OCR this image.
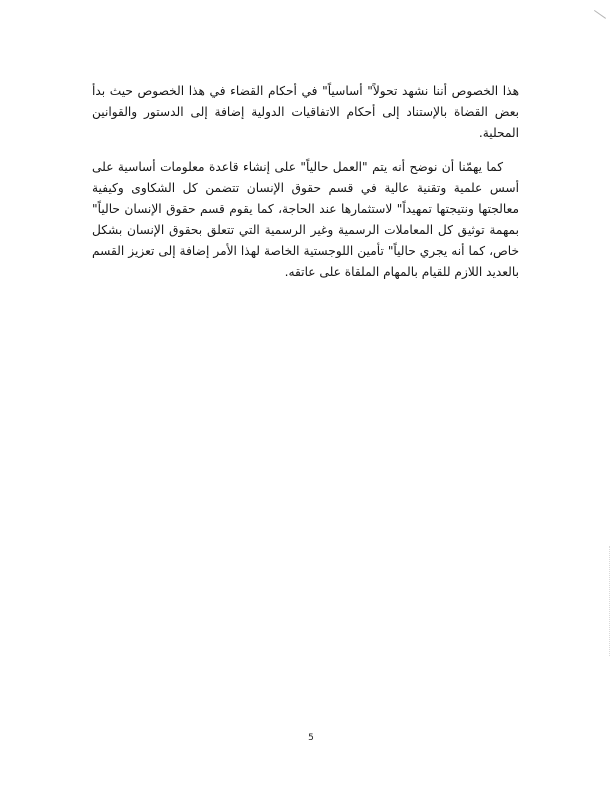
هذا الخصوص أننا نشهد تحولاً" أساسياً" في أحكام القضاء في هذا الخصوص حيث بدأ بعض القضاة بالإستناد إلى أحكام الاتفاقيات الدولية إضافة إلى الدستور والقوانين المحلية.

كما يهمّنا أن نوضح أنه يتم "العمل حالياً" على إنشاء قاعدة معلومات أساسية على أسس علمية وتقنية عالية في قسم حقوق الإنسان تتضمن كل الشكاوى وكيفية معالجتها ونتيجتها تمهيداً" لاستثمارها عند الحاجة، كما يقوم قسم حقوق الإنسان حالياً" بمهمة توثيق كل المعاملات الرسمية وغير الرسمية التي تتعلق بحقوق الإنسان بشكل خاص، كما أنه يجري حالياً" تأمين اللوجستية الخاصة لهذا الأمر إضافة إلى تعزيز القسم بالعديد اللازم للقيام بالمهام الملقاة على عاتقه.

5
